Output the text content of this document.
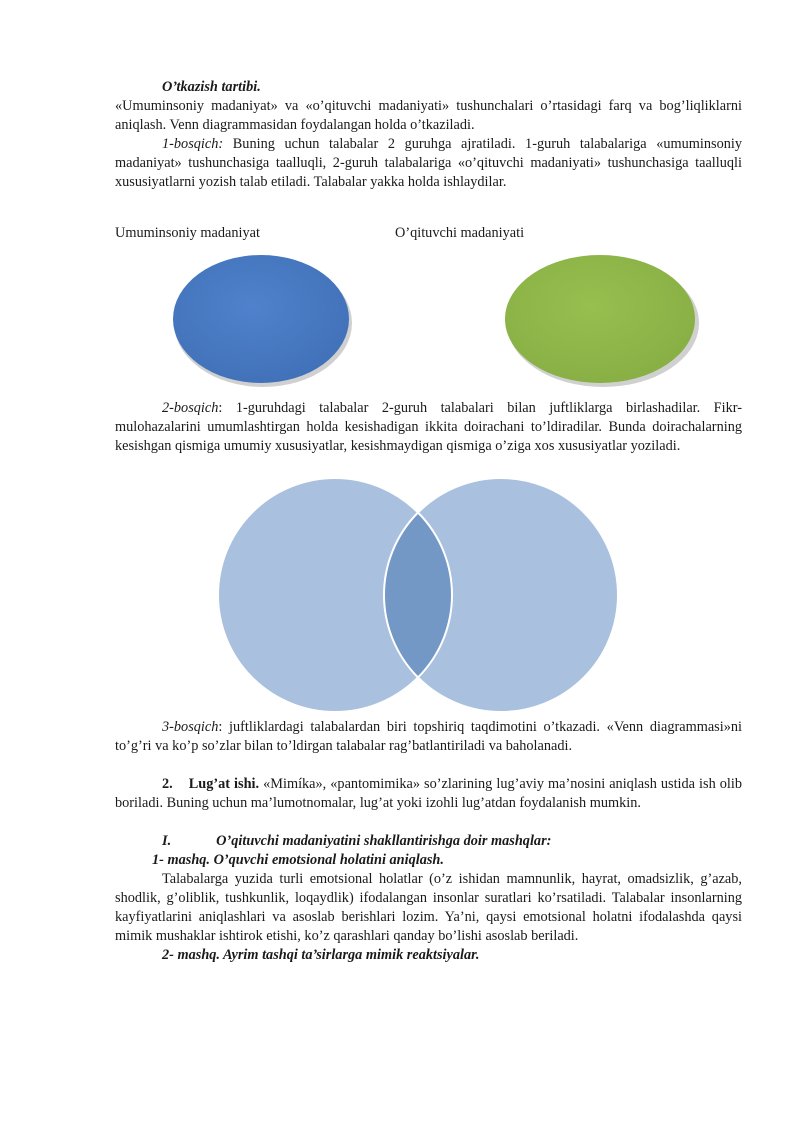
O’tkazish tartibi.

«Umuminsoniy madaniyat» va «o’qituvchi madaniyati» tushunchalari o’rtasidagi farq va bog’liqliklarni aniqlash. Venn diagrammasidan foydalangan holda o’tkaziladi.

1-bosqich: Buning uchun talabalar 2 guruhga ajratiladi. 1-guruh talabalariga «umuminsoniy madaniyat» tushunchasiga taalluqli, 2-guruh talabalariga «o’qituvchi madaniyati» tushunchasiga taalluqli xususiyatlarni yozish talab etiladi. Talabalar yakka holda ishlaydilar.

Umuminsoniy madaniyat	O’qituvchi madaniyati

2-bosqich: 1-guruhdagi talabalar 2-guruh talabalari bilan juftliklarga birlashadilar. Fikr-mulohazalarini umumlashtirgan holda kesishadigan ikkita doirachani to’ldiradilar. Bunda doirachalarning kesishgan qismiga umumiy xususiyatlar, kesishmaydigan qismiga o’ziga xos xususiyatlar yoziladi.

3-bosqich: juftliklardagi talabalardan biri topshiriq taqdimotini o’tkazadi. «Venn diagrammasi»ni to’g’ri va ko’p so’zlar bilan to’ldirgan talabalar rag’batlantiriladi va baholanadi.

2. Lug’at ishi. «Mimíka», «pantomimika» so’zlarining lug’aviy ma’nosini aniqlash ustida ish olib boriladi. Buning uchun ma’lumotnomalar, lug’at yoki izohli lug’atdan foydalanish mumkin.

I.	O’qituvchi madaniyatini shakllantirishga doir mashqlar:

1- mashq. O’quvchi emotsional holatini aniqlash.

Talabalarga yuzida turli emotsional holatlar (o’z ishidan mamnunlik, hayrat, omadsizlik, g’azab, shodlik, g’oliblik, tushkunlik, loqaydlik) ifodalangan insonlar suratlari ko’rsatiladi. Talabalar insonlarning kayfiyatlarini aniqlashlari va asoslab berishlari lozim. Ya’ni, qaysi emotsional holatni ifodalashda qaysi mimik mushaklar ishtirok etishi, ko’z qarashlari qanday bo’lishi asoslab beriladi.

2- mashq. Ayrim tashqi ta’sirlarga mimik reaktsiyalar.
